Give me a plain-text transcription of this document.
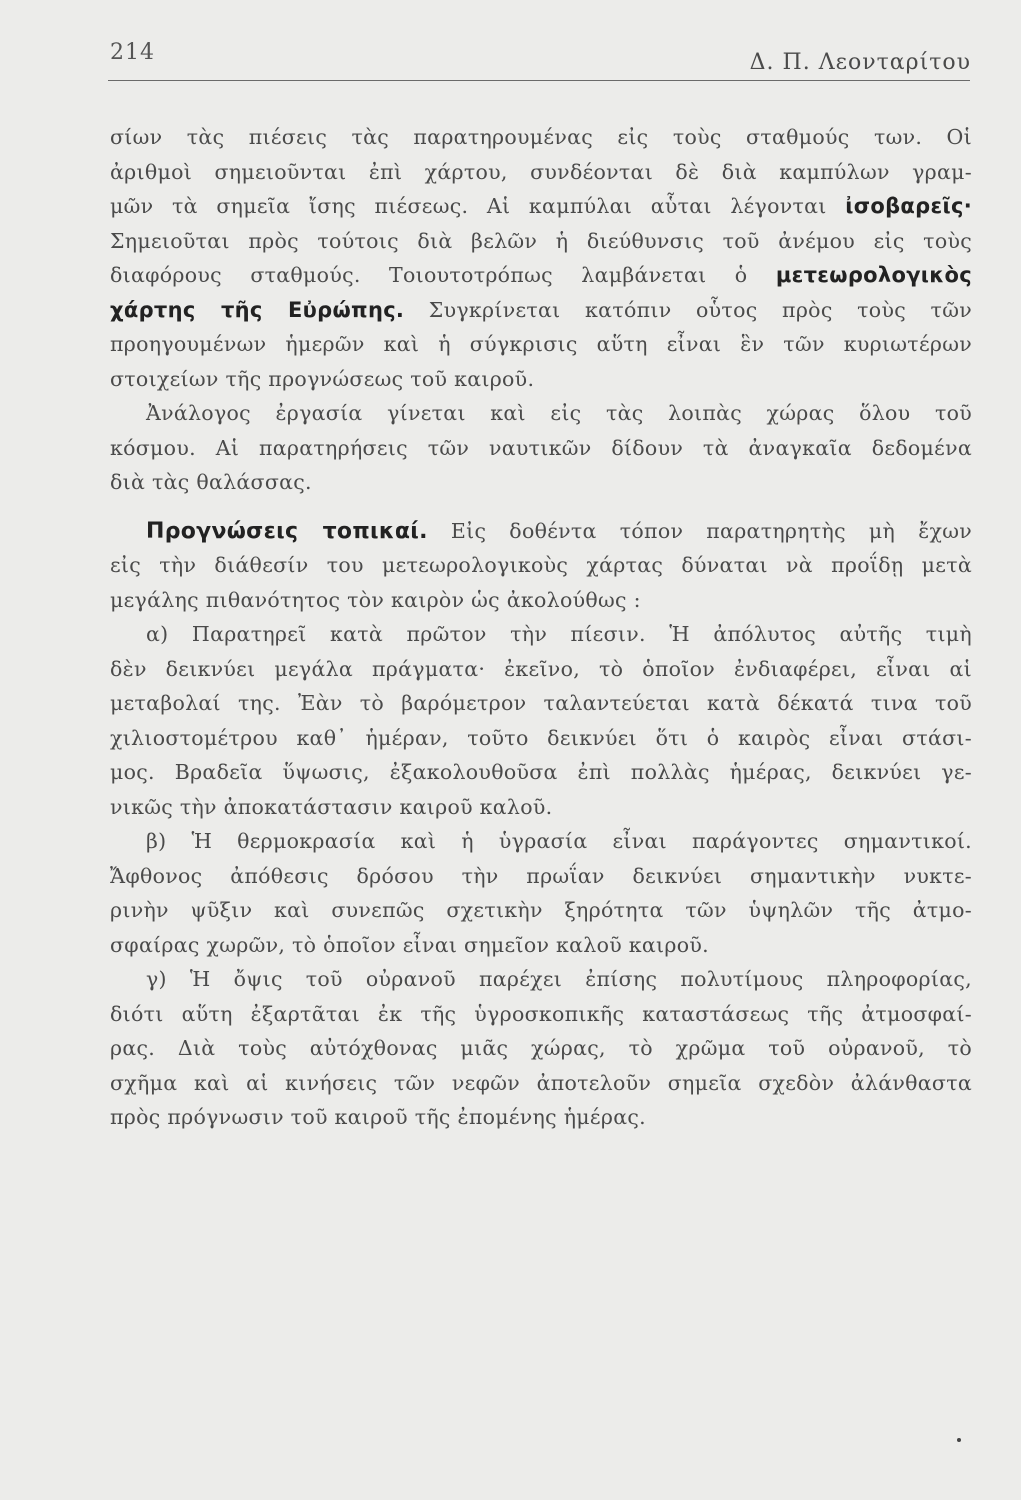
214	Δ. Π. Λεονταρίτου
σίων τὰς πιέσεις τὰς παρατηρουμένας εἰς τοὺς σταθμούς των. Οἱ
ἀριθμοὶ σημειοῦνται ἐπὶ χάρτου, συνδέονται δὲ διὰ καμπύλων γραμ-
μῶν τὰ σημεῖα ἴσης πιέσεως. Αἱ καμπύλαι αὗται λέγονται ἰσοβαρεῖς·
Σημειοῦται πρὸς τούτοις διὰ βελῶν ἡ διεύθυνσις τοῦ ἀνέμου εἰς τοὺς
διαφόρους σταθμούς. Τοιουτοτρόπως λαμβάνεται ὁ μετεωρολογικὸς
χάρτης τῆς Εὐρώπης. Συγκρίνεται κατόπιν οὗτος πρὸς τοὺς τῶν
προηγουμένων ἡμερῶν καὶ ἡ σύγκρισις αὕτη εἶναι ἓν τῶν κυριωτέρων
στοιχείων τῆς προγνώσεως τοῦ καιροῦ.
Ἀνάλογος ἐργασία γίνεται καὶ εἰς τὰς λοιπὰς χώρας ὅλου τοῦ
κόσμου. Αἱ παρατηρήσεις τῶν ναυτικῶν δίδουν τὰ ἀναγκαῖα δεδομένα
διὰ τὰς θαλάσσας.
Προγνώσεις τοπικαί. Εἰς δοθέντα τόπον παρατηρητὴς μὴ ἔχων
εἰς τὴν διάθεσίν του μετεωρολογικοὺς χάρτας δύναται νὰ προΐδῃ μετὰ
μεγάλης πιθανότητος τὸν καιρὸν ὡς ἀκολούθως :
α) Παρατηρεῖ κατὰ πρῶτον τὴν πίεσιν. Ἡ ἀπόλυτος αὐτῆς τιμὴ
δὲν δεικνύει μεγάλα πράγματα· ἐκεῖνο, τὸ ὁποῖον ἐνδιαφέρει, εἶναι αἱ
μεταβολαί της. Ἐὰν τὸ βαρόμετρον ταλαντεύεται κατὰ δέκατά τινα τοῦ
χιλιοστομέτρου καθ᾿ ἡμέραν, τοῦτο δεικνύει ὅτι ὁ καιρὸς εἶναι στάσι-
μος. Βραδεῖα ὕψωσις, ἐξακολουθοῦσα ἐπὶ πολλὰς ἡμέρας, δεικνύει γε-
νικῶς τὴν ἀποκατάστασιν καιροῦ καλοῦ.
β) Ἡ θερμοκρασία καὶ ἡ ὑγρασία εἶναι παράγοντες σημαντικοί.
Ἄφθονος ἀπόθεσις δρόσου τὴν πρωΐαν δεικνύει σημαντικὴν νυκτε-
ρινὴν ψῦξιν καὶ συνεπῶς σχετικὴν ξηρότητα τῶν ὑψηλῶν τῆς ἀτμο-
σφαίρας χωρῶν, τὸ ὁποῖον εἶναι σημεῖον καλοῦ καιροῦ.
γ) Ἡ ὄψις τοῦ οὐρανοῦ παρέχει ἐπίσης πολυτίμους πληροφορίας,
διότι αὕτη ἐξαρτᾶται ἐκ τῆς ὑγροσκοπικῆς καταστάσεως τῆς ἀτμοσφαί-
ρας. Διὰ τοὺς αὐτόχθονας μιᾶς χώρας, τὸ χρῶμα τοῦ οὐρανοῦ, τὸ
σχῆμα καὶ αἱ κινήσεις τῶν νεφῶν ἀποτελοῦν σημεῖα σχεδὸν ἀλάνθαστα
πρὸς πρόγνωσιν τοῦ καιροῦ τῆς ἐπομένης ἡμέρας.
